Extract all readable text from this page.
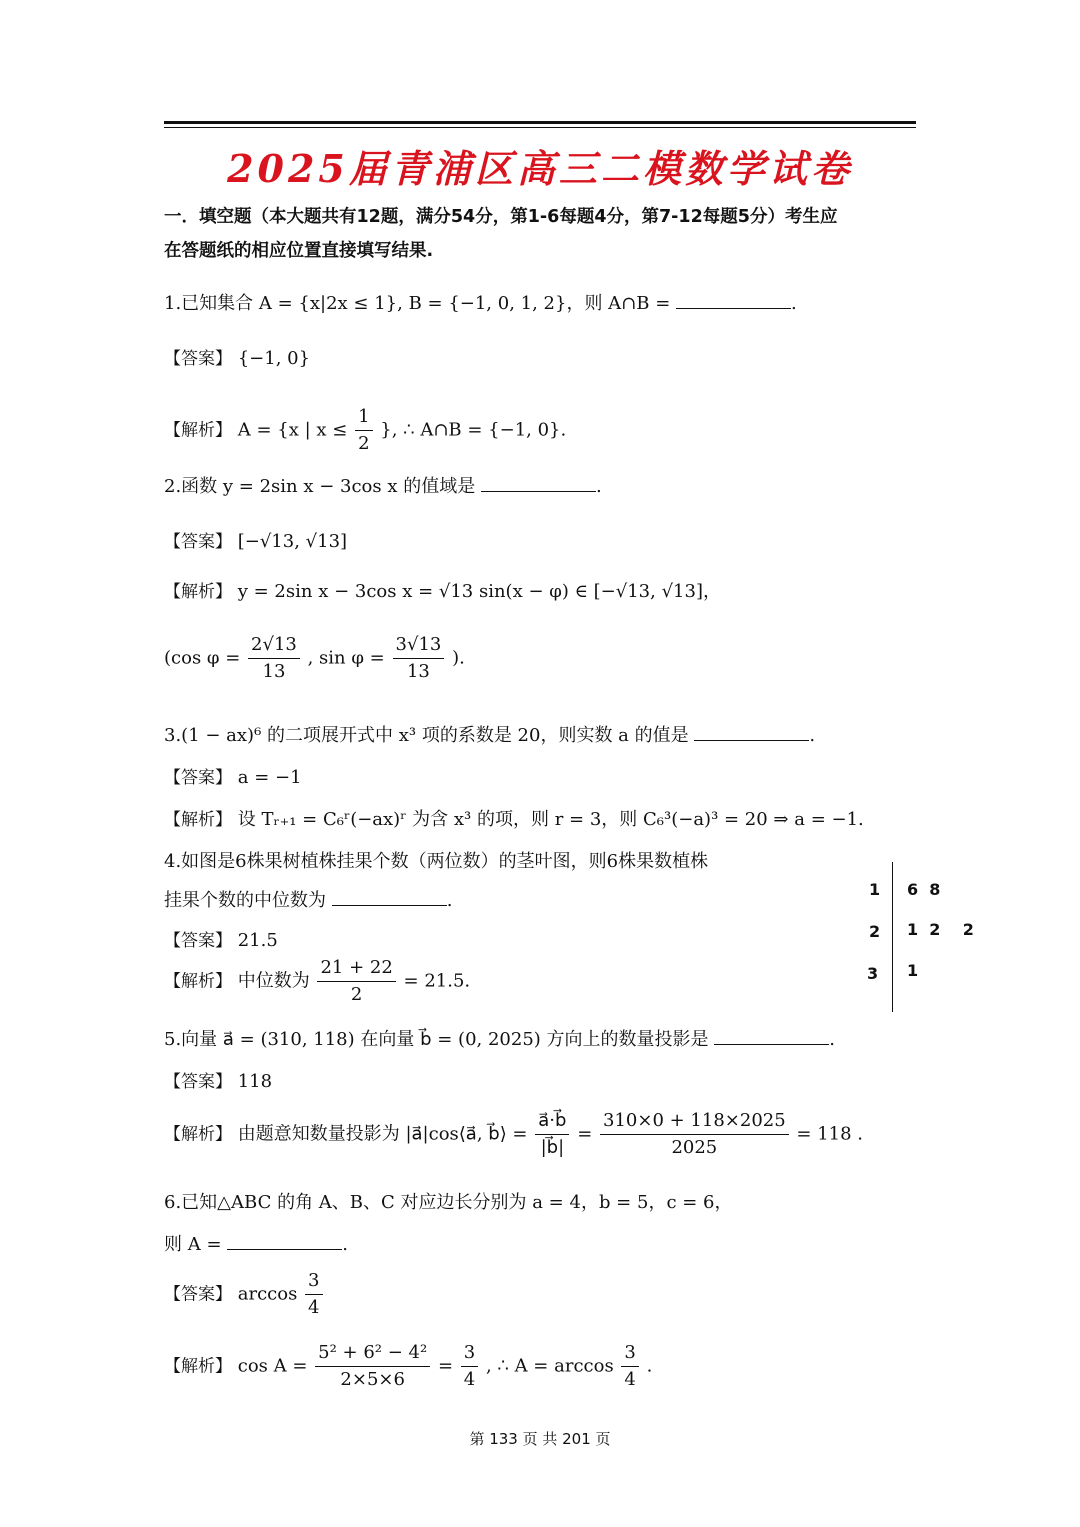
2025届青浦区高三二模数学试卷
一．填空题（本大题共有12题，满分54分，第1-6每题4分，第7-12每题5分）考生应
在答题纸的相应位置直接填写结果.
1.已知集合 A = {x|2x ≤ 1}, B = {−1, 0, 1, 2}，则 A∩B =	.
【答案】 {−1, 0}
【解析】 A = {x | $x \le \frac{1}{2}$ }, ∴ A∩B = {−1, 0}.
2.函数 y = 2sin x − 3cos x 的值域是	.
【答案】 [−√13, √13]
【解析】 y = 2sin x − 3cos x = √13 sin(x − φ) ∈ [−√13, √13]，
(cos $\varphi = \frac{2√13}{13}$ , $\sin \varphi = \frac{3√13}{13}$ ).
3.(1 − ax)⁶ 的二项展开式中 x³ 项的系数是 20，则实数 a 的值是	.
【答案】 a = −1
【解析】 设 Tᵣ₊₁ = C₆ʳ(−ax)ʳ 为含 x³ 的项，则 r = 3，则 C₆³(−a)³ = 20 ⇒ a = −1.
4.如图是6株果树植株挂果个数（两位数）的茎叶图，则6株果数植株
挂果个数的中位数为	.
【答案】 21.5
【解析】 中位数为 $\frac{21 + 22}{2} = 21.5$.
1 6  8
2 1  2    2
3 1
5.向量 a⃗ = (310, 118) 在向量 b⃗ = (0, 2025) 方向上的数量投影是	.
【答案】 118
【解析】 由题意知数量投影为 |a⃗|cos⟨a⃗, b⃗⟩ = $\frac{a⃗\cdot b⃗}{|b⃗|} = \frac{310\times 0 + 118\times 2025}{2025} = 118$ .
6.已知△ABC 的角 A、B、C 对应边长分别为 a = 4，b = 5，c = 6，
则 A =	.
【答案】 $\arccos \frac{3}{4}$
【解析】 $\cos A = \frac{\text{5² + 6² − 4²}}{2\times 5\times 6} = \frac{3}{4}$ , ∴ $A = \arccos \frac{3}{4}$ .
第 133 页 共 201 页
